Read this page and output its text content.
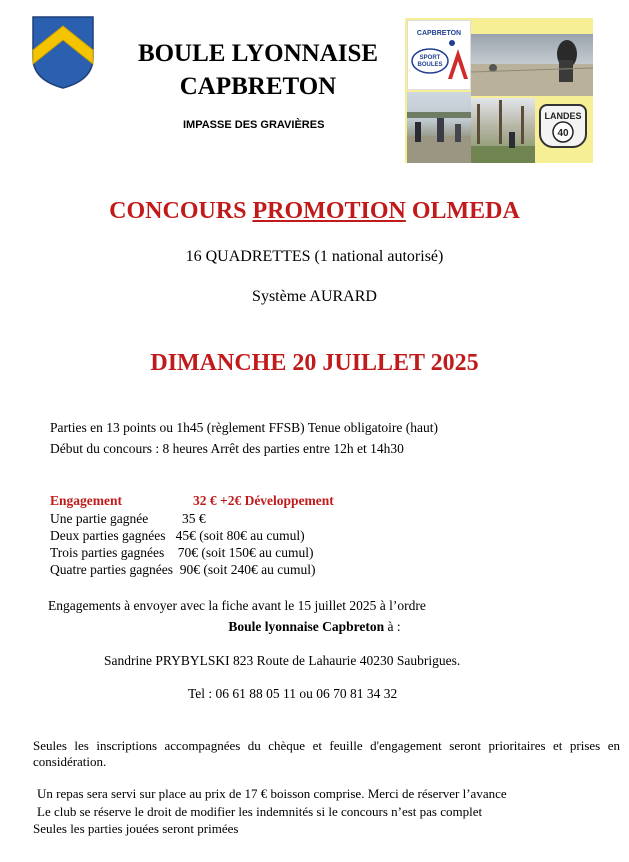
BOULE LYONNAISE
CAPBRETON
IMPASSE DES GRAVIÈRES
CAPBRETON
SPORT
BOULES
LANDES
40
CONCOURS PROMOTION OLMEDA
16 QUADRETTES (1 national autorisé)
Système AURARD
DIMANCHE 20 JUILLET 2025
Parties en 13 points ou 1h45 (règlement FFSB) Tenue obligatoire (haut)
Début du concours : 8 heures Arrêt des parties entre 12h et 14h30
Engagement	32 € +2€ Développement
Une partie gagnée	35 €
Deux parties gagnées 45€ (soit 80€ au cumul)
Trois parties gagnées 70€ (soit 150€ au cumul)
Quatre parties gagnées 90€ (soit 240€ au cumul)
Engagements à envoyer avec la fiche avant le 15 juillet 2025 à l’ordre
Boule lyonnaise Capbreton à :
Sandrine PRYBYLSKI 823 Route de Lahaurie 40230 Saubrigues.
Tel : 06 61 88 05 11 ou 06 70 81 34 32
Seules les inscriptions accompagnées du chèque et feuille d'engagement seront prioritaires et prises en considération.
Un repas sera servi sur place au prix de 17 € boisson comprise. Merci de réserver l’avance
Le club se réserve le droit de modifier les indemnités si le concours n’est pas complet
Seules les parties jouées seront primées
